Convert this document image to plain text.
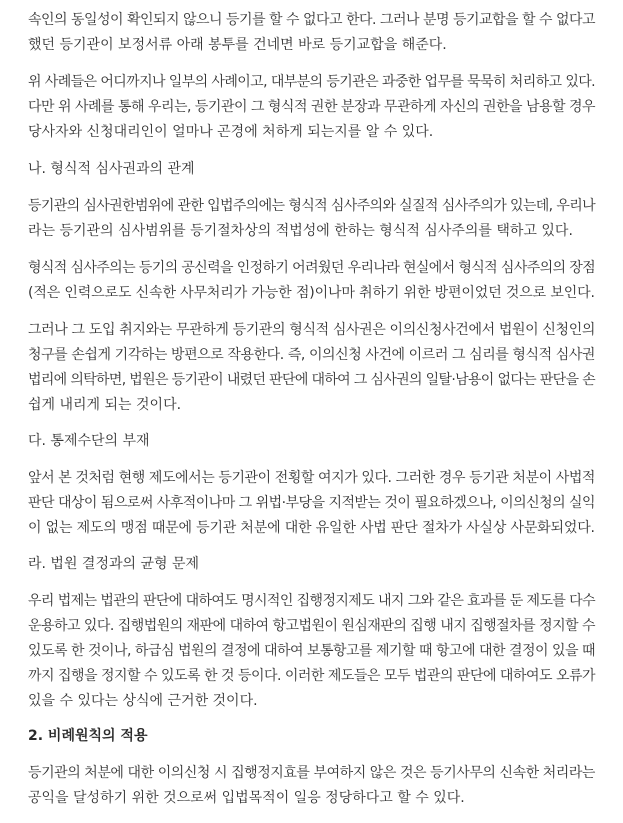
속인의 동일성이 확인되지 않으니 등기를 할 수 없다고 한다. 그러나 분명 등기교합을 할 수 없다고
했던 등기관이 보정서류 아래 봉투를 건네면 바로 등기교합을 해준다.
위 사례들은 어디까지나 일부의 사례이고, 대부분의 등기관은 과중한 업무를 묵묵히 처리하고 있다.
다만 위 사례를 통해 우리는, 등기관이 그 형식적 권한 분장과 무관하게 자신의 권한을 남용할 경우
당사자와 신청대리인이 얼마나 곤경에 처하게 되는지를 알 수 있다.
나. 형식적 심사권과의 관계
등기관의 심사권한범위에 관한 입법주의에는 형식적 심사주의와 실질적 심사주의가 있는데, 우리나
라는 등기관의 심사범위를 등기절차상의 적법성에 한하는 형식적 심사주의를 택하고 있다.
형식적 심사주의는 등기의 공신력을 인정하기 어려웠던 우리나라 현실에서 형식적 심사주의의 장점
(적은 인력으로도 신속한 사무처리가 가능한 점)이나마 취하기 위한 방편이었던 것으로 보인다.
그러나 그 도입 취지와는 무관하게 등기관의 형식적 심사권은 이의신청사건에서 법원이 신청인의
청구를 손쉽게 기각하는 방편으로 작용한다. 즉, 이의신청 사건에 이르러 그 심리를 형식적 심사권
법리에 의탁하면, 법원은 등기관이 내렸던 판단에 대하여 그 심사권의 일탈·남용이 없다는 판단을 손
쉽게 내리게 되는 것이다.
다. 통제수단의 부재
앞서 본 것처럼 현행 제도에서는 등기관이 전횡할 여지가 있다. 그러한 경우 등기관 처분이 사법적
판단 대상이 됨으로써 사후적이나마 그 위법·부당을 지적받는 것이 필요하겠으나, 이의신청의 실익
이 없는 제도의 맹점 때문에 등기관 처분에 대한 유일한 사법 판단 절차가 사실상 사문화되었다.
라. 법원 결정과의 균형 문제
우리 법제는 법관의 판단에 대하여도 명시적인 집행정지제도 내지 그와 같은 효과를 둔 제도를 다수
운용하고 있다. 집행법원의 재판에 대하여 항고법원이 원심재판의 집행 내지 집행절차를 정지할 수
있도록 한 것이나, 하급심 법원의 결정에 대하여 보통항고를 제기할 때 항고에 대한 결정이 있을 때
까지 집행을 정지할 수 있도록 한 것 등이다. 이러한 제도들은 모두 법관의 판단에 대하여도 오류가
있을 수 있다는 상식에 근거한 것이다.
2. 비례원칙의 적용
등기관의 처분에 대한 이의신청 시 집행정지효를 부여하지 않은 것은 등기사무의 신속한 처리라는
공익을 달성하기 위한 것으로써 입법목적이 일응 정당하다고 할 수 있다.
